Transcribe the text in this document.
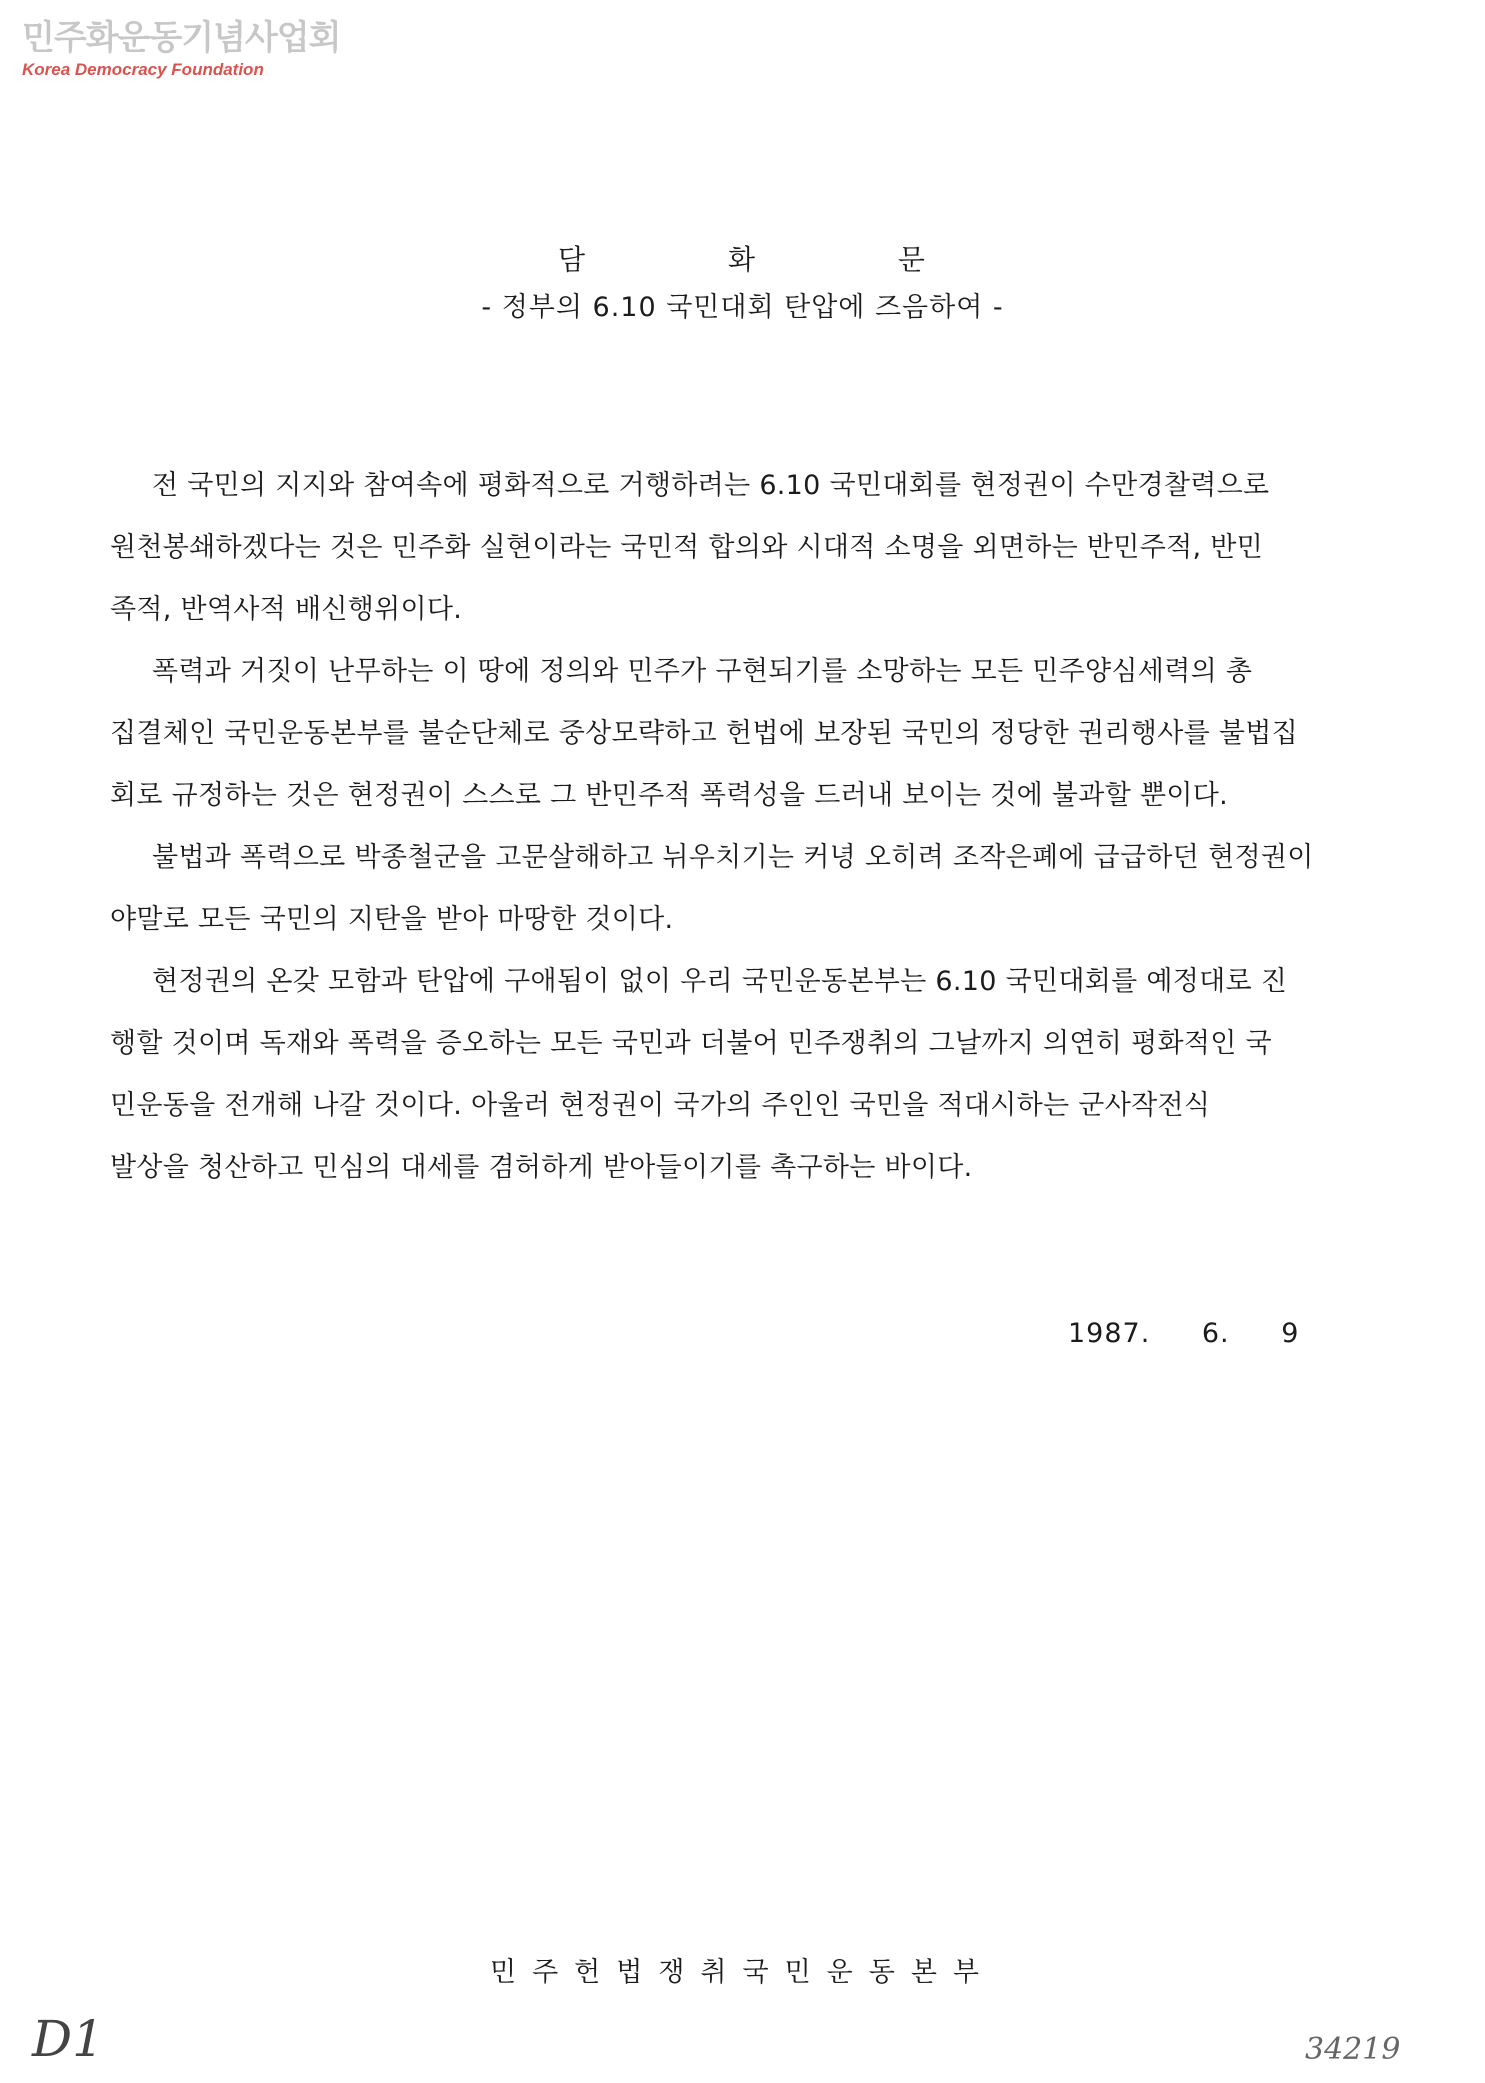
민주화운동기념사업회
Korea Democracy Foundation
담 화 문
- 정부의 6.10 국민대회 탄압에 즈음하여 -
전 국민의 지지와 참여속에 평화적으로 거행하려는 6.10 국민대회를 현정권이 수만경찰력으로
원천봉쇄하겠다는 것은 민주화 실현이라는 국민적 합의와 시대적 소명을 외면하는 반민주적, 반민
족적, 반역사적 배신행위이다.
폭력과 거짓이 난무하는 이 땅에 정의와 민주가 구현되기를 소망하는 모든 민주양심세력의 총
집결체인 국민운동본부를 불순단체로 중상모략하고 헌법에 보장된 국민의 정당한 권리행사를 불법집
회로 규정하는 것은 현정권이 스스로 그 반민주적 폭력성을 드러내 보이는 것에 불과할 뿐이다.
불법과 폭력으로 박종철군을 고문살해하고 뉘우치기는 커녕 오히려 조작은폐에 급급하던 현정권이
야말로 모든 국민의 지탄을 받아 마땅한 것이다.
현정권의 온갖 모함과 탄압에 구애됨이 없이 우리 국민운동본부는 6.10 국민대회를 예정대로 진
행할 것이며 독재와 폭력을 증오하는 모든 국민과 더불어 민주쟁취의 그날까지 의연히 평화적인 국
민운동을 전개해 나갈 것이다. 아울러 현정권이 국가의 주인인 국민을 적대시하는 군사작전식
발상을 청산하고 민심의 대세를 겸허하게 받아들이기를 촉구하는 바이다.
1987. 6. 9
민주헌법쟁취국민운동본부
D1	34219
